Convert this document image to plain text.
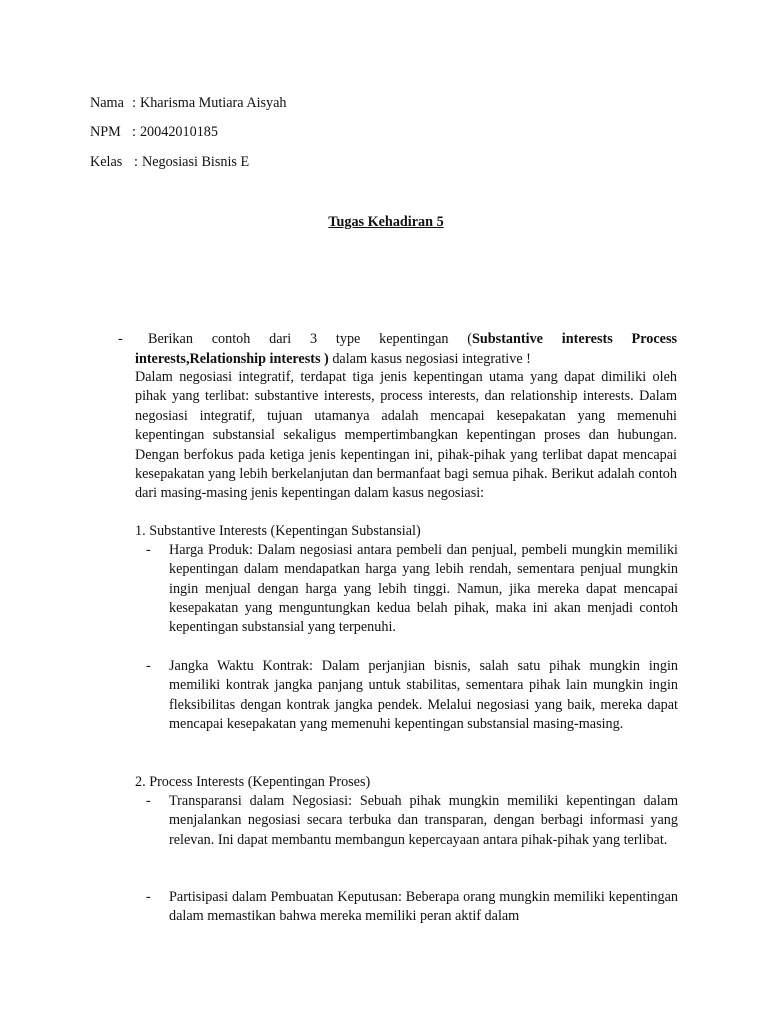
Nama : Kharisma Mutiara Aisyah
NPM : 20042010185
Kelas : Negosiasi Bisnis E
Tugas Kehadiran 5
-	Berikan contoh dari 3 type kepentingan (Substantive interests Process interests,Relationship interests ) dalam kasus negosiasi integrative !
Dalam negosiasi integratif, terdapat tiga jenis kepentingan utama yang dapat dimiliki oleh pihak yang terlibat: substantive interests, process interests, dan relationship interests. Dalam negosiasi integratif, tujuan utamanya adalah mencapai kesepakatan yang memenuhi kepentingan substansial sekaligus mempertimbangkan kepentingan proses dan hubungan. Dengan berfokus pada ketiga jenis kepentingan ini, pihak-pihak yang terlibat dapat mencapai kesepakatan yang lebih berkelanjutan dan bermanfaat bagi semua pihak. Berikut adalah contoh dari masing-masing jenis kepentingan dalam kasus negosiasi:
1. Substantive Interests (Kepentingan Substansial)
- Harga Produk: Dalam negosiasi antara pembeli dan penjual, pembeli mungkin memiliki kepentingan dalam mendapatkan harga yang lebih rendah, sementara penjual mungkin ingin menjual dengan harga yang lebih tinggi. Namun, jika mereka dapat mencapai kesepakatan yang menguntungkan kedua belah pihak, maka ini akan menjadi contoh kepentingan substansial yang terpenuhi.
- Jangka Waktu Kontrak: Dalam perjanjian bisnis, salah satu pihak mungkin ingin memiliki kontrak jangka panjang untuk stabilitas, sementara pihak lain mungkin ingin fleksibilitas dengan kontrak jangka pendek. Melalui negosiasi yang baik, mereka dapat mencapai kesepakatan yang memenuhi kepentingan substansial masing-masing.
2. Process Interests (Kepentingan Proses)
- Transparansi dalam Negosiasi: Sebuah pihak mungkin memiliki kepentingan dalam menjalankan negosiasi secara terbuka dan transparan, dengan berbagi informasi yang relevan. Ini dapat membantu membangun kepercayaan antara pihak-pihak yang terlibat.
- Partisipasi dalam Pembuatan Keputusan: Beberapa orang mungkin memiliki kepentingan dalam memastikan bahwa mereka memiliki peran aktif dalam
